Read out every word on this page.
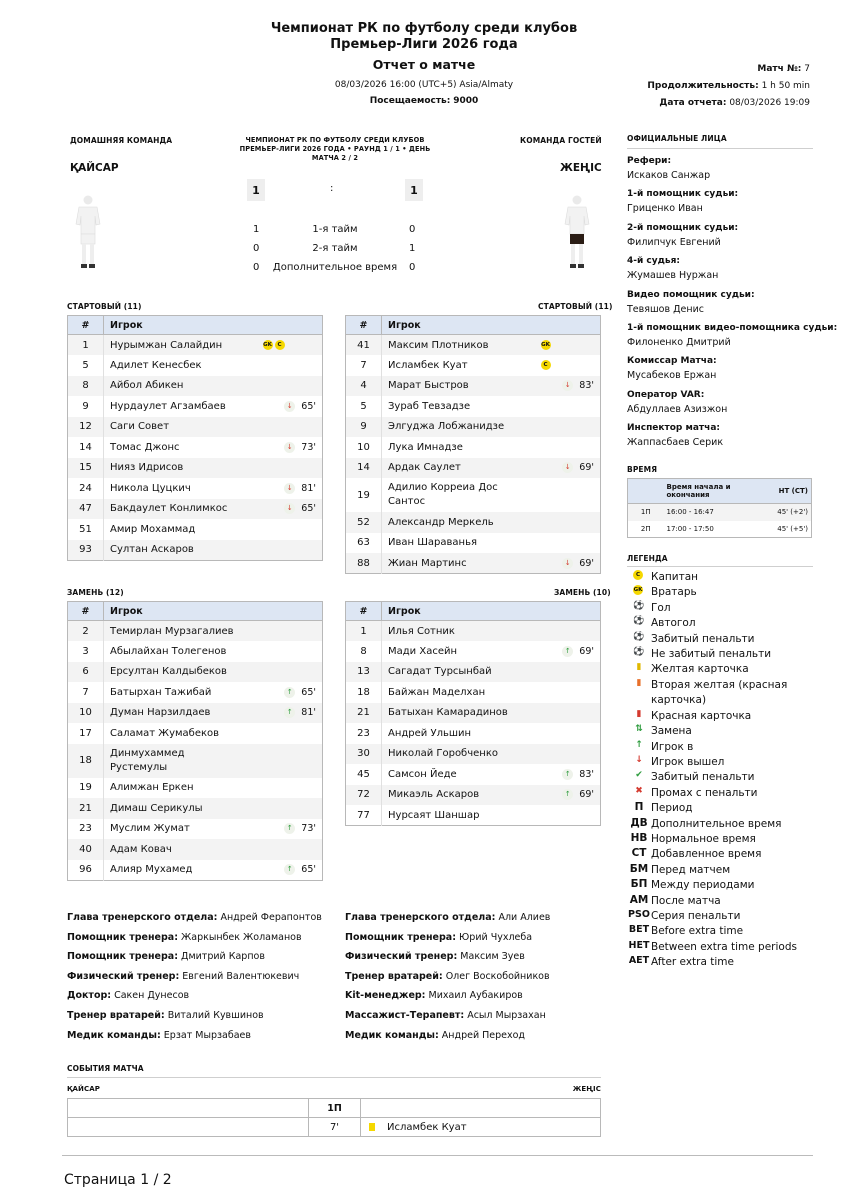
Чемпионат РК по футболу среди клубов
Премьер-Лиги 2026 года
Отчет о матче
08/03/2026 16:00 (UTC+5) Asia/Almaty
Посещаемость: 9000
Матч №: 7
Продолжительность: 1 h 50 min
Дата отчета: 08/03/2026 19:09
ДОМАШНЯЯ КОМАНДА	КОМАНДА ГОСТЕЙ
ЧЕМПИОНАТ РК ПО ФУТБОЛУ СРЕДИ КЛУБОВ
ПРЕМЬЕР-ЛИГИ 2026 ГОДА • РАУНД 1 / 1 • ДЕНЬ
МАТЧА 2 / 2
ҚАЙСАР	ЖЕҢІС
1	:	1
1	1-я тайм	0
0	2-я тайм	1
0	Дополнительное время	0
СТАРТОВЫЙ (11)	СТАРТОВЫЙ (11)
#	Игрок	
1	Нурымжан Салайдин	GK C
5	Адилет Кенесбек	
8	Айбол Абикен	
9	Нурдаулет Агзамбаев	↓ 65'
12	Саги Совет	
14	Томас Джонс	↓ 73'
15	Нияз Идрисов	
24	Никола Цуцкич	↓ 81'
47	Бакдаулет Конлимкос	↓ 65'
51	Амир Мохаммад	
93	Султан Аскаров	
#	Игрок	
41	Максим Плотников	GK
7	Исламбек Куат	C
4	Марат Быстров	↓ 83'
5	Зураб Тевзадзе	
9	Элгуджа Лобжанидзе	
10	Лука Имнадзе	
14	Ардак Саулет	↓ 69'
19	Адилио Корреиа Дос
Сантос	
52	Александр Меркель	
63	Иван Шараванья	
88	Жиан Мартинс	↓ 69'
ЗАМЕНЬ (12)	ЗАМЕНЬ (10)
#	Игрок	
2	Темирлан Мурзагалиев	
3	Абылайхан Толегенов	
6	Ерсултан Калдыбеков	
7	Батырхан Тажибай	↑ 65'
10	Думан Нарзилдаев	↑ 81'
17	Саламат Жумабеков	
18	Динмухаммед
Рустемулы	
19	Алимжан Еркен	
21	Димаш Серикулы	
23	Муслим Жумат	↑ 73'
40	Адам Ковач	
96	Алияр Мухамед	↑ 65'
#	Игрок	
1	Илья Сотник	
8	Мади Хасейн	↑ 69'
13	Сагадат Турсынбай	
18	Байжан Маделхан	
21	Батыхан Камарадинов	
23	Андрей Ульшин	
30	Николай Горобченко	
45	Самсон Йеде	↑ 83'
72	Микаэль Аскаров	↑ 69'
77	Нурсаят Шаншар	
ОФИЦИАЛЬНЫЕ ЛИЦА
Рефери:
Искаков Санжар
1-й помощник судьи:
Гриценко Иван
2-й помощник судьи:
Филипчук Евгений
4-й судья:
Жумашев Нуржан
Видео помощник судьи:
Тевяшов Денис
1-й помощник видео-помощника судьи:
Филоненко Дмитрий
Комиссар Матча:
Мусабеков Ержан
Оператор VAR:
Абдуллаев Азизжон
Инспектор матча:
Жаппасбаев Серик
ВРЕМЯ
	Время начала и окончания	HT (CT)
1П	16:00 - 16:47	45' (+2')
2П	17:00 - 17:50	45' (+5')
ЛЕГЕНДА
C	Капитан
GK Вратарь
⚽ Гол
⚽ Автогол
⚽ Забитый пенальти
⚽ Не забитый пенальти
▮ Желтая карточка
▮ Вторая желтая (красная карточка)
▮ Красная карточка
⇅ Замена
↑ Игрок в
↓ Игрок вышел
✔ Забитый пенальти
✖ Промах с пенальти
П Период
ДВ Дополнительное время
НВ Нормальное время
СТ Добавленное время
БМ Перед матчем
БП Между периодами
АМ После матча
PSO Серия пенальти
BET Before extra time
HET Between extra time periods
AET After extra time
Глава тренерского отдела: Андрей Ферапонтов
Помощник тренера: Жаркынбек Жоламанов
Помощник тренера: Дмитрий Карпов
Физический тренер: Евгений Валентюкевич
Доктор: Сакен Дунесов
Тренер вратарей: Виталий Кувшинов
Медик команды: Ерзат Мырзабаев
Глава тренерского отдела: Али Алиев
Помощник тренера: Юрий Чухлеба
Физический тренер: Максим Зуев
Тренер вратарей: Олег Воскобойников
Kit-менеджер: Михаил Аубакиров
Массажист-Терапевт: Асыл Мырзахан
Медик команды: Андрей Переход
СОБЫТИЯ МАТЧА
ҚАЙСАР	ЖЕҢІС
	1П	
	7'	Исламбек Куат
Страница 1 / 2
